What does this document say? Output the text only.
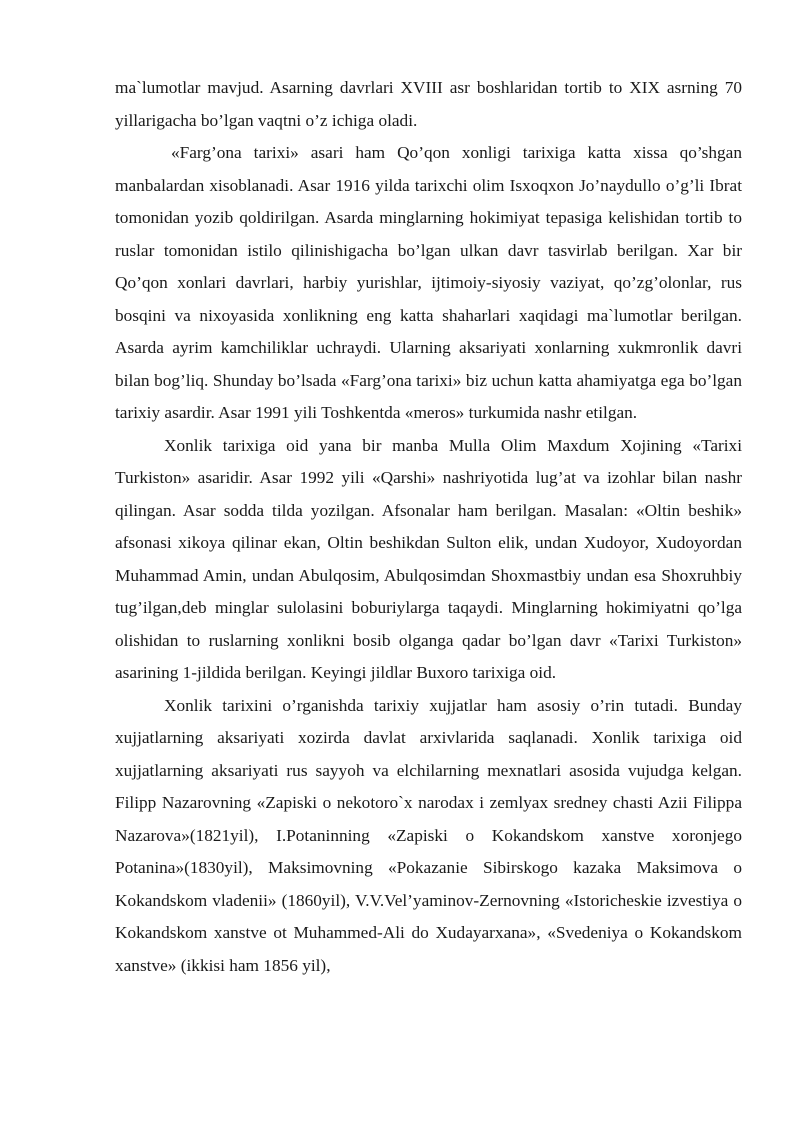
ma`lumotlar mavjud. Asarning davrlari XVIII asr boshlaridan tortib to XIX asrning 70 yillarigacha bo’lgan vaqtni o’z ichiga oladi.

«Farg’ona tarixi» asari ham Qo’qon xonligi tarixiga katta xissa qo’shgan manbalardan xisoblanadi. Asar 1916 yilda tarixchi olim Isxoqxon Jo’naydullo o’g’li Ibrat tomonidan yozib qoldirilgan. Asarda minglarning hokimiyat tepasiga kelishidan tortib to ruslar tomonidan istilo qilinishigacha bo’lgan ulkan davr tasvirlab berilgan. Xar bir Qo’qon xonlari davrlari, harbiy yurishlar, ijtimoiy-siyosiy vaziyat, qo’zg’olonlar, rus bosqini va nixoyasida xonlikning eng katta shaharlari xaqidagi ma`lumotlar berilgan. Asarda ayrim kamchiliklar uchraydi. Ularning aksariyati xonlarning xukmronlik davri bilan bog’liq. Shunday bo’lsada «Farg’ona tarixi» biz uchun katta ahamiyatga ega bo’lgan tarixiy asardir. Asar 1991 yili Toshkentda «meros» turkumida nashr etilgan.

Xonlik tarixiga oid yana bir manba Mulla Olim Maxdum Xojining «Tarixi Turkiston» asaridir. Asar 1992 yili «Qarshi» nashriyotida lug’at va izohlar bilan nashr qilingan. Asar sodda tilda yozilgan. Afsonalar ham berilgan. Masalan: «Oltin beshik» afsonasi xikoya qilinar ekan, Oltin beshikdan Sulton elik, undan Xudoyor, Xudoyordan Muhammad Amin, undan Abulqosim, Abulqosimdan Shoxmastbiy undan esa Shoxruhbiy tug’ilgan,deb minglar sulolasini boburiylarga taqaydi. Minglarning hokimiyatni qo’lga olishidan to ruslarning xonlikni bosib olganga qadar bo’lgan davr «Tarixi Turkiston» asarining 1-jildida berilgan. Keyingi jildlar Buxoro tarixiga oid.

Xonlik tarixini o’rganishda tarixiy xujjatlar ham asosiy o’rin tutadi. Bunday xujjatlarning aksariyati xozirda davlat arxivlarida saqlanadi. Xonlik tarixiga oid xujjatlarning aksariyati rus sayyoh va elchilarning mexnatlari asosida vujudga kelgan. Filipp Nazarovning «Zapiski o nekotoro`x narodax i zemlyax sredney chasti Azii Filippa Nazarova»(1821yil), I.Potaninning «Zapiski o Kokandskom xanstve xoronjego Potanina»(1830yil), Maksimovning «Pokazanie Sibirskogo kazaka Maksimova o Kokandskom vladenii» (1860yil), V.V.Vel’yaminov-Zernovning «Istoricheskie izvestiya o Kokandskom xanstve ot Muhammed-Ali do Xudayarxana», «Svedeniya o Kokandskom xanstve» (ikkisi ham 1856 yil),
